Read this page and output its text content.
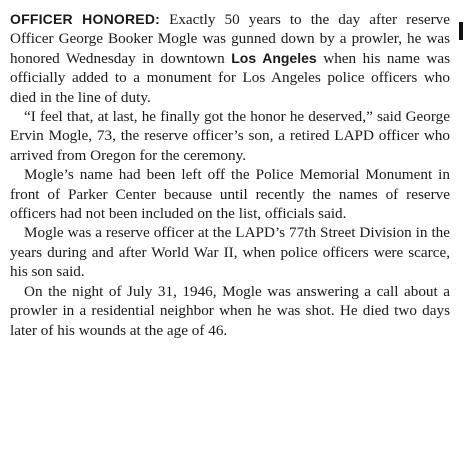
OFFICER HONORED: Exactly 50 years to the day after reserve Officer George Booker Mogle was gunned down by a prowler, he was honored Wednesday in downtown Los Angeles when his name was officially added to a monument for Los Angeles police officers who died in the line of duty.

“I feel that, at last, he finally got the honor he deserved,” said George Ervin Mogle, 73, the reserve officer’s son, a retired LAPD officer who arrived from Oregon for the ceremony.

Mogle’s name had been left off the Police Memorial Monument in front of Parker Center because until recently the names of reserve officers had not been included on the list, officials said.

Mogle was a reserve officer at the LAPD’s 77th Street Division in the years during and after World War II, when police officers were scarce, his son said.

On the night of July 31, 1946, Mogle was answering a call about a prowler in a residential neighbor when he was shot. He died two days later of his wounds at the age of 46.
